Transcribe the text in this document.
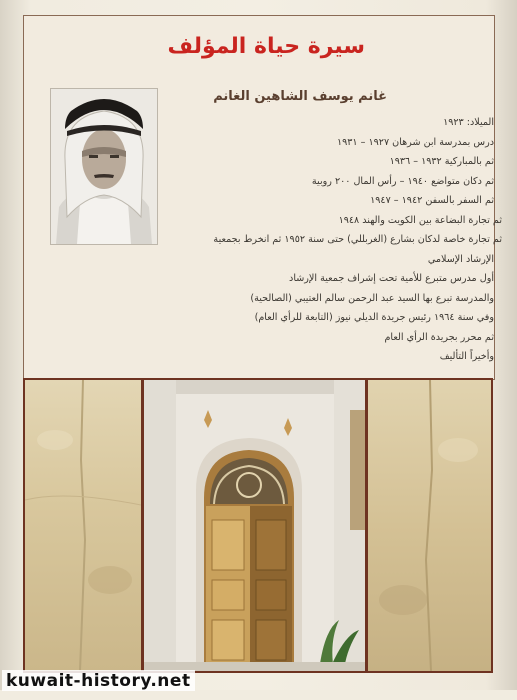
سيرة حياة المؤلف
غانم يوسف الشاهين الغانم
الميلاد: ١٩٢٣
درس بمدرسة ابن شرهان ١٩٢٧ – ١٩٣١
ثم بالمباركية ١٩٣٢ – ١٩٣٦
ثم دكان متواضع ١٩٤٠ – رأس المال ٢٠٠ روبية
ثم السفر بالسفن ١٩٤٢ – ١٩٤٧
ثم تجارة البضاعة بين الكويت والهند ١٩٤٨
ثم تجارة خاصة لدكان بشارع (الغربللي) حتى سنة ١٩٥٢ ثم انخرط بجمعية
الإرشاد الإسلامي
أول مدرس متبرع للأمية تحت إشراف جمعية الإرشاد
والمدرسة تبرع بها السيد عبد الرحمن سالم العتيبي (الصالحية)
وفي سنة ١٩٦٤ رئيس جريدة الديلي نيوز (التابعة للرأي العام)
ثم محرر بجريدة الرأي العام
وأخيراً التأليف
kuwait-history.net
